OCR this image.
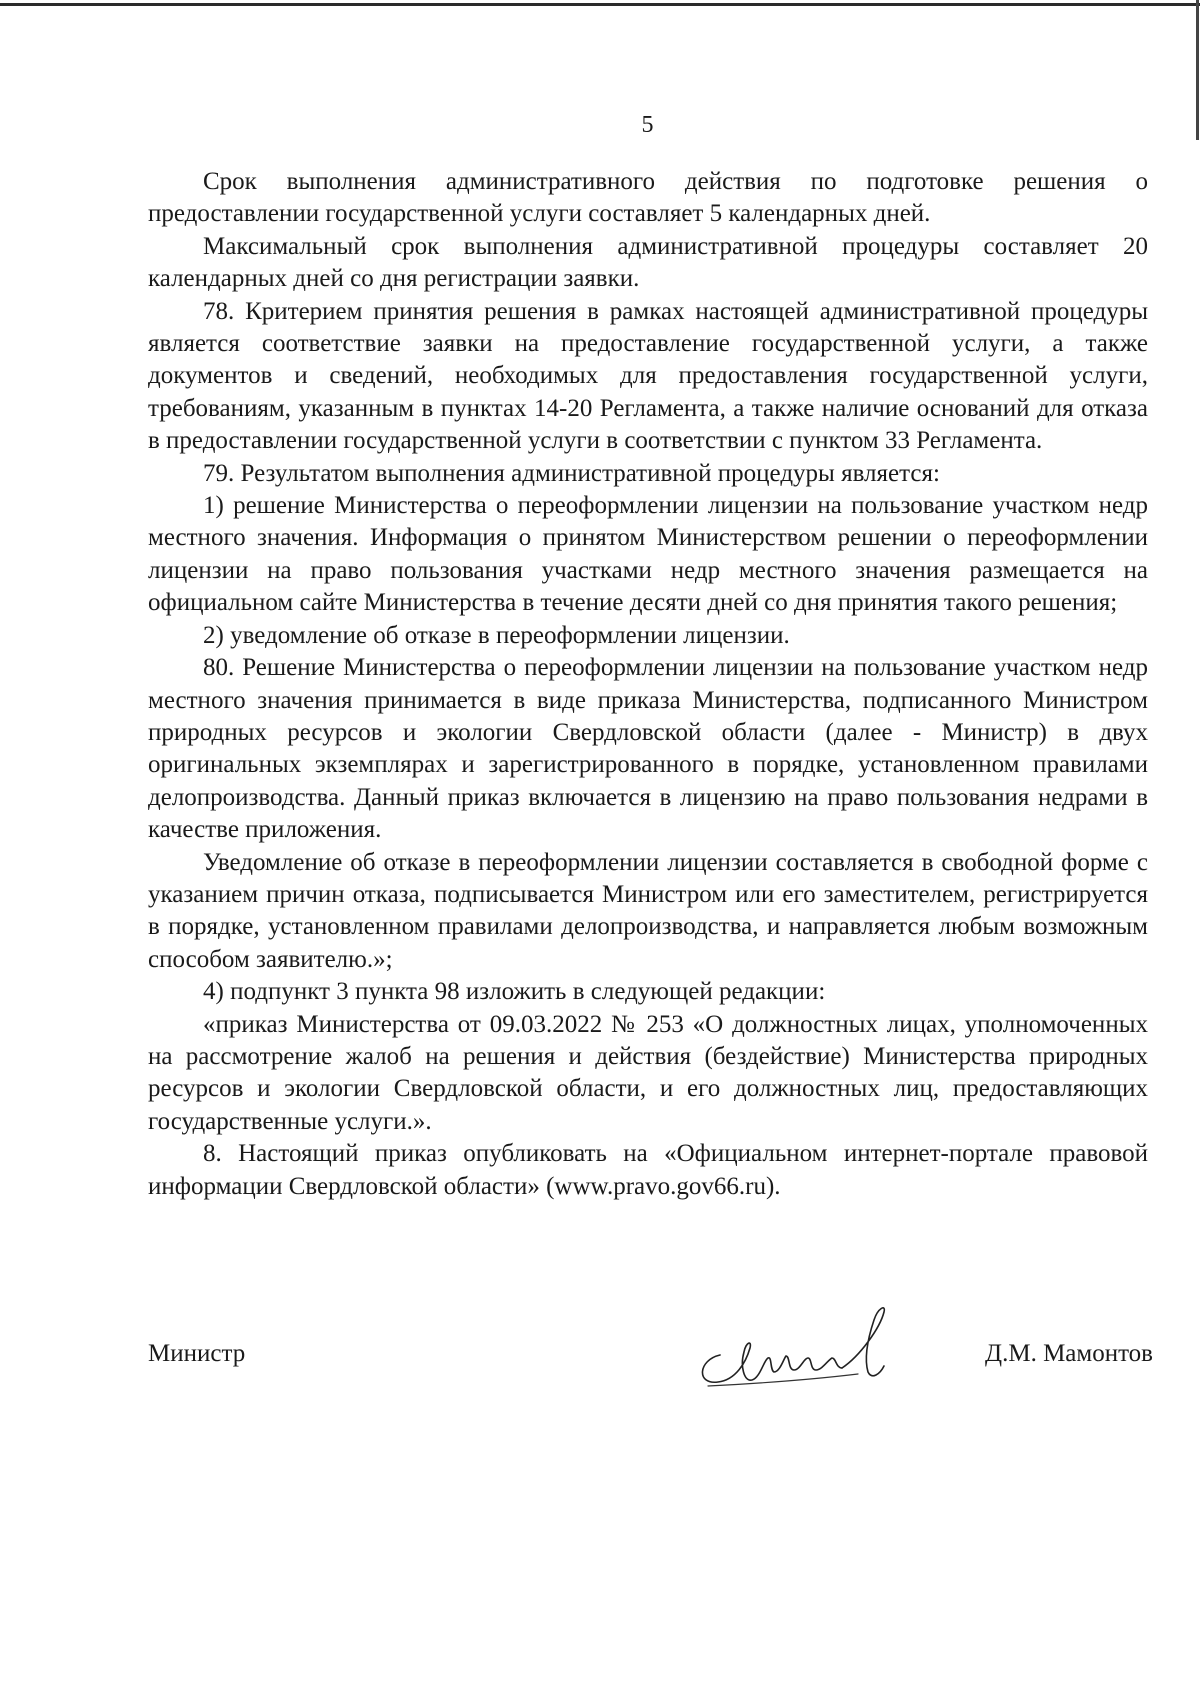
5

Срок выполнения административного действия по подготовке решения о предоставлении государственной услуги составляет 5 календарных дней.

Максимальный срок выполнения административной процедуры составляет 20 календарных дней со дня регистрации заявки.

78. Критерием принятия решения в рамках настоящей административной процедуры является соответствие заявки на предоставление государственной услуги, а также документов и сведений, необходимых для предоставления государственной услуги, требованиям, указанным в пунктах 14-20 Регламента, а также наличие оснований для отказа в предоставлении государственной услуги в соответствии с пунктом 33 Регламента.

79. Результатом выполнения административной процедуры является:

1) решение Министерства о переоформлении лицензии на пользование участком недр местного значения. Информация о принятом Министерством решении о переоформлении лицензии на право пользования участками недр местного значения размещается на официальном сайте Министерства в течение десяти дней со дня принятия такого решения;

2) уведомление об отказе в переоформлении лицензии.

80. Решение Министерства о переоформлении лицензии на пользование участком недр местного значения принимается в виде приказа Министерства, подписанного Министром природных ресурсов и экологии Свердловской области (далее - Министр) в двух оригинальных экземплярах и зарегистрированного в порядке, установленном правилами делопроизводства. Данный приказ включается в лицензию на право пользования недрами в качестве приложения.

Уведомление об отказе в переоформлении лицензии составляется в свободной форме с указанием причин отказа, подписывается Министром или его заместителем, регистрируется в порядке, установленном правилами делопроизводства, и направляется любым возможным способом заявителю.»;

4) подпункт 3 пункта 98 изложить в следующей редакции:

«приказ Министерства от 09.03.2022 № 253 «О должностных лицах, уполномоченных на рассмотрение жалоб на решения и действия (бездействие) Министерства природных ресурсов и экологии Свердловской области, и его должностных лиц, предоставляющих государственные услуги.».

8. Настоящий приказ опубликовать на «Официальном интернет-портале правовой информации Свердловской области» (www.pravo.gov66.ru).

Министр	Д.М. Мамонтов
